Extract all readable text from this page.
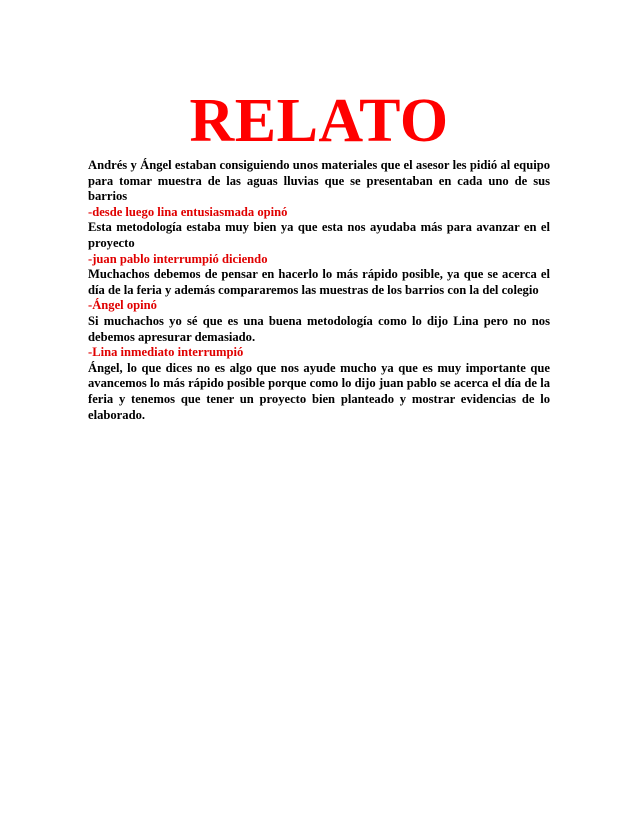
RELATO

Andrés y Ángel estaban consiguiendo unos materiales que el asesor les pidió al equipo para tomar muestra de las aguas lluvias que se presentaban en cada uno de sus barrios

-desde luego lina entusiasmada opinó

Esta metodología estaba muy bien ya que esta nos ayudaba más para avanzar en el proyecto

-juan pablo interrumpió diciendo

Muchachos debemos de pensar en hacerlo lo más rápido posible, ya que se acerca el día de la feria y además compararemos las muestras de los barrios con la del colegio

-Ángel opinó

Si muchachos yo sé que es una buena metodología como lo dijo Lina pero no nos debemos apresurar demasiado.

-Lina inmediato interrumpió

Ángel, lo que dices no es algo que nos ayude mucho ya que es muy importante que avancemos lo más rápido posible porque como lo dijo juan pablo se acerca el día de la feria y tenemos que tener un proyecto bien planteado y mostrar evidencias de lo elaborado.
